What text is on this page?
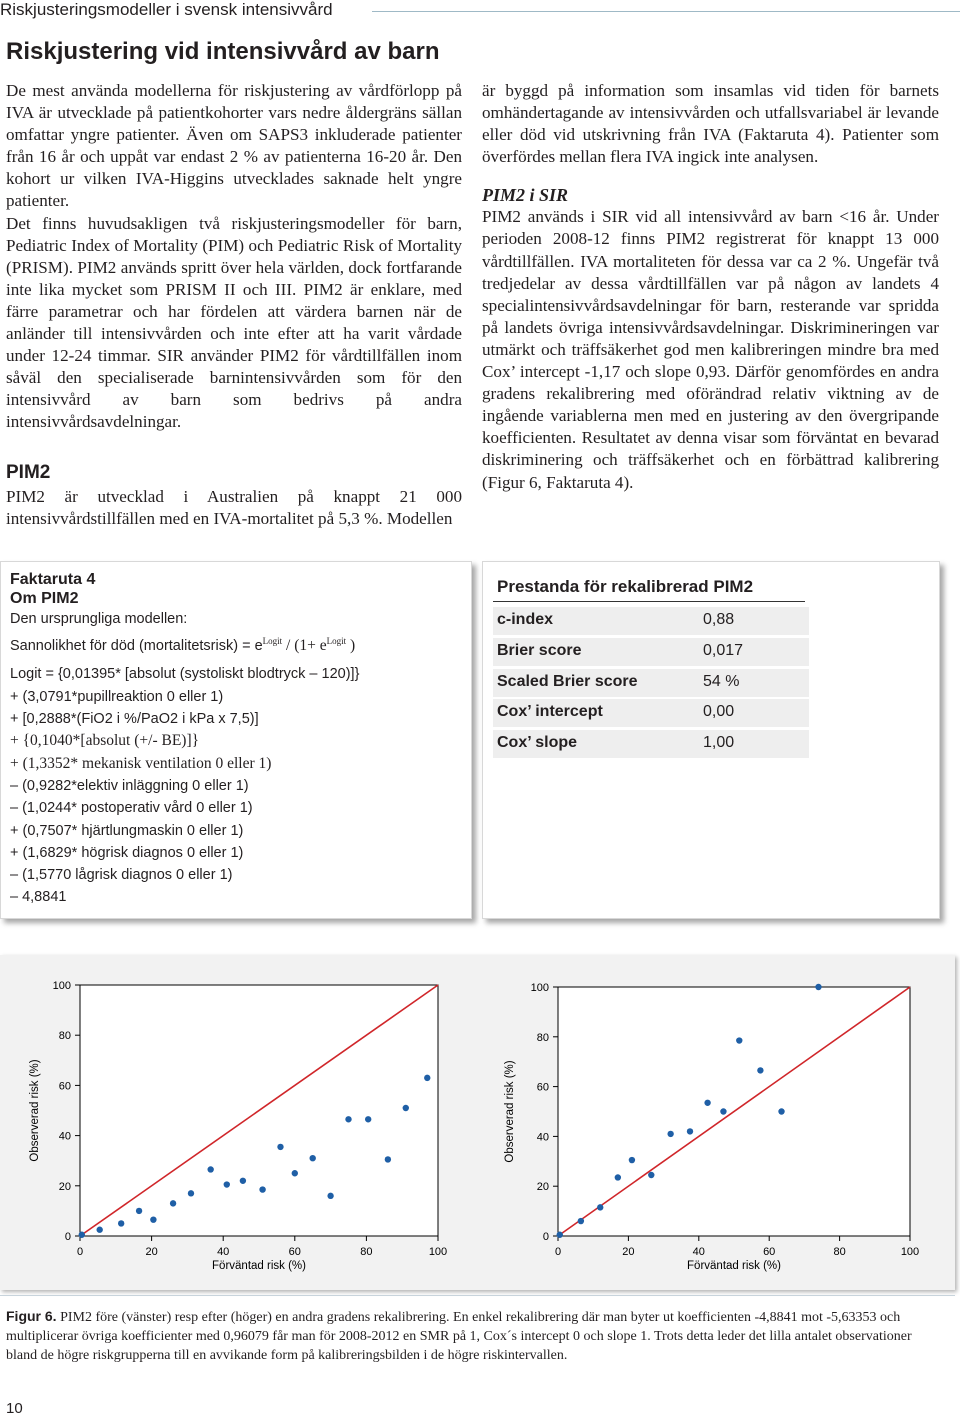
Riskjusteringsmodeller i svensk intensivvård
Riskjustering vid intensivvård av barn

De mest använda modellerna för riskjustering av vårdförlopp på IVA är utvecklade på patientkohorter vars nedre åldergräns sällan omfattar yngre patienter. Även om SAPS3 inkluderade patienter från 16 år och uppåt var endast 2 % av patienterna 16-20 år. Den kohort ur vilken IVA-Higgins utvecklades saknade helt yngre patienter.

Det finns huvudsakligen två riskjusteringsmodeller för barn, Pediatric Index of Mortality (PIM) och Pediatric Risk of Mortality (PRISM). PIM2 används spritt över hela världen, dock fortfarande inte lika mycket som PRISM II och III. PIM2 är enklare, med färre parametrar och har fördelen att värdera barnen när de anländer till intensivvården och inte efter att ha varit vårdade under 12-24 timmar. SIR använder PIM2 för vårdtillfällen inom såväl den specialiserade barnintensivvården som för den intensivvård av barn som bedrivs på andra intensivvårdsavdelningar.

PIM2

PIM2 är utvecklad i Australien på knappt 21 000 intensivvårdstillfällen med en IVA-mortalitet på 5,3 %. Modellen

är byggd på information som insamlas vid tiden för barnets omhändertagande av intensivvården och utfallsvariabel är levande eller död vid utskrivning från IVA (Faktaruta 4). Patienter som överfördes mellan flera IVA ingick inte analysen.

PIM2 i SIR

PIM2 används i SIR vid all intensivvård av barn <16 år. Under perioden 2008-12 finns PIM2 registrerat för knappt 13 000 vårdtillfällen. IVA mortaliteten för dessa var ca 2 %. Ungefär två tredjedelar av dessa vårdtillfällen var på någon av landets 4 specialintensivvårdsavdelningar för barn, resterande var spridda på landets övriga intensivvårdsavdelningar. Diskrimineringen var utmärkt och träffsäkerhet god men kalibreringen mindre bra med Cox’ intercept -1,17 och slope 0,93. Därför genomfördes en andra gradens rekalibrering med oförändrad relativ viktning av de ingående variablerna men med en justering av den övergripande koefficienten. Resultatet av denna visar som förväntat en bevarad diskriminering och träffsäkerhet och en förbättrad kalibrering (Figur 6, Faktaruta 4).

Faktaruta 4
Om PIM2
Den ursprungliga modellen:
Sannolikhet för död (mortalitetsrisk) = $e^{Logit} / (1+ e^{Logit}$ )
Logit = {0,01395* [absolut (systoliskt blodtryck – 120)]}
+ (3,0791*pupillreaktion 0 eller 1)
+ [0,2888*(FiO2 i %/PaO2 i kPa x 7,5)]
+ {0,1040*[absolut (+/- BE)]}
+ (1,3352* mekanisk ventilation 0 eller 1)
– (0,9282*elektiv inläggning 0 eller 1)
– (1,0244* postoperativ vård 0 eller 1)
+ (0,7507* hjärtlungmaskin 0 eller 1)
+ (1,6829* högrisk diagnos 0 eller 1)
– (1,5770 lågrisk diagnos 0 eller 1)
– 4,8841
Prestanda för rekalibrerad PIM2
c-index	0,88
Brier score	0,017
Scaled Brier score	54 %
Cox’ intercept	0,00
Cox’ slope	1,00
0
0
20
20
40
40
60
60
80
80
100
100
Förväntad risk (%)
Observerad risk (%)
0
0
20
20
40
40
60
60
80
80
100
100
Förväntad risk (%)
Observerad risk (%)
Figur 6. PIM2 före (vänster) resp efter (höger) en andra gradens rekalibrering. En enkel rekalibrering där man byter ut koefficienten -4,8841 mot -5,63353 och multiplicerar övriga koefficienter med 0,96079 får man för 2008-2012 en SMR på 1, Cox´s intercept 0 och slope 1. Trots detta leder det lilla antalet observationer bland de högre riskgrupperna till en avvikande form på kalibreringsbilden i de högre riskintervallen.
10
